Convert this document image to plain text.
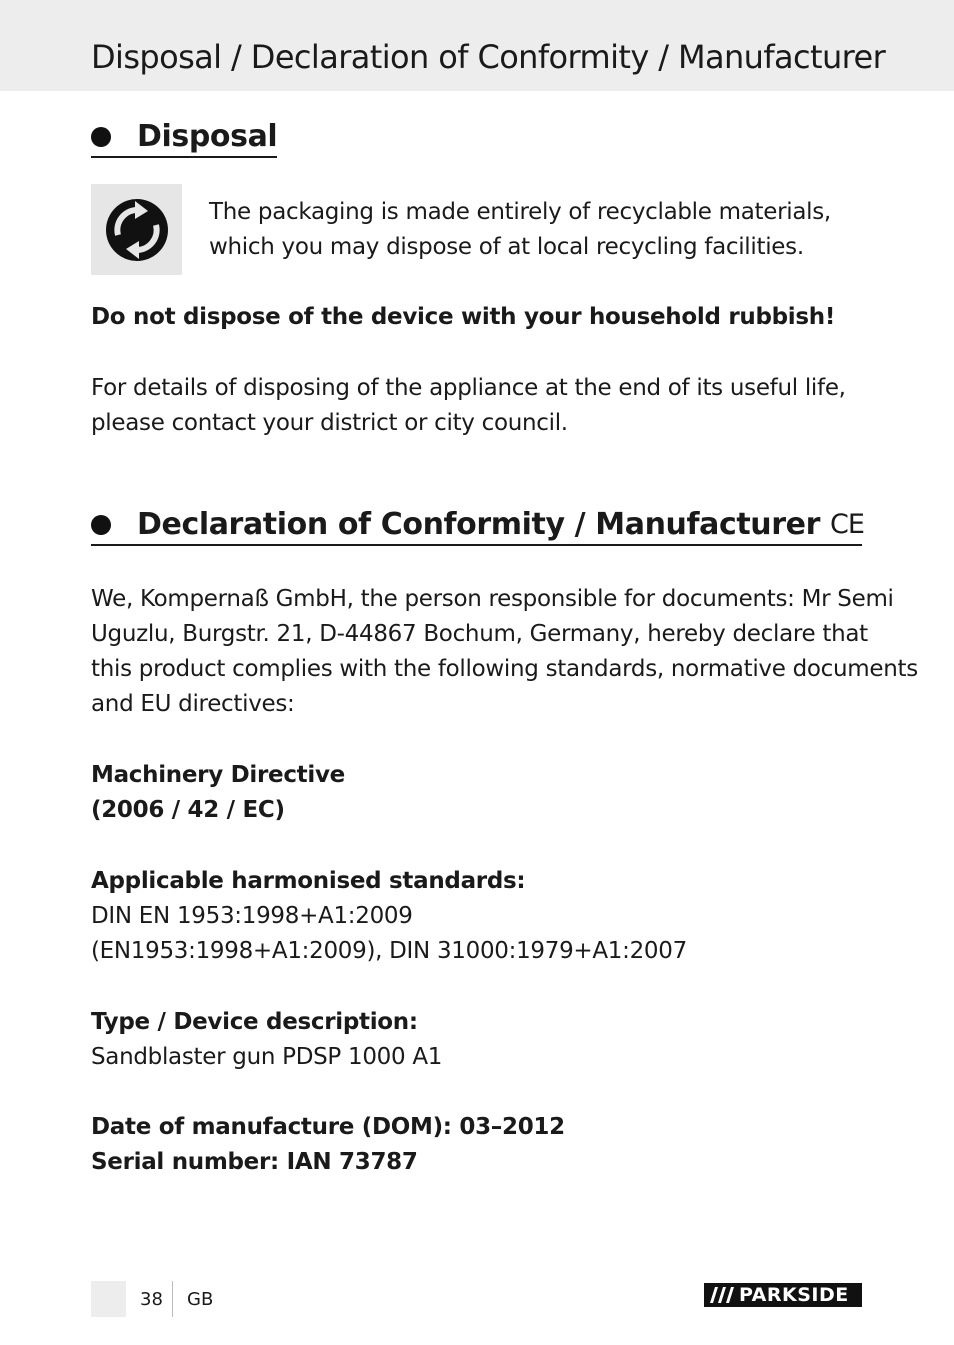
Disposal / Declaration of Conformity / Manufacturer
Disposal

The packaging is made entirely of recyclable materials,

which you may dispose of at local recycling facilities.

Do not dispose of the device with your household rubbish!

For details of disposing of the appliance at the end of its useful life,

please contact your district or city council.

Declaration of Conformity / Manufacturer CE

We, Kompernaß GmbH, the person responsible for documents: Mr Semi

Uguzlu, Burgstr. 21, D-44867 Bochum, Germany, hereby declare that

this product complies with the following standards, normative documents

and EU directives:

Machinery Directive

(2006 / 42 / EC)

Applicable harmonised standards:

DIN EN 1953:1998+A1:2009

(EN1953:1998+A1:2009), DIN 31000:1979+A1:2007

Type / Device description:

Sandblaster gun PDSP 1000 A1

Date of manufacture (DOM): 03–2012

Serial number: IAN 73787

38 GB	PARKSIDE
